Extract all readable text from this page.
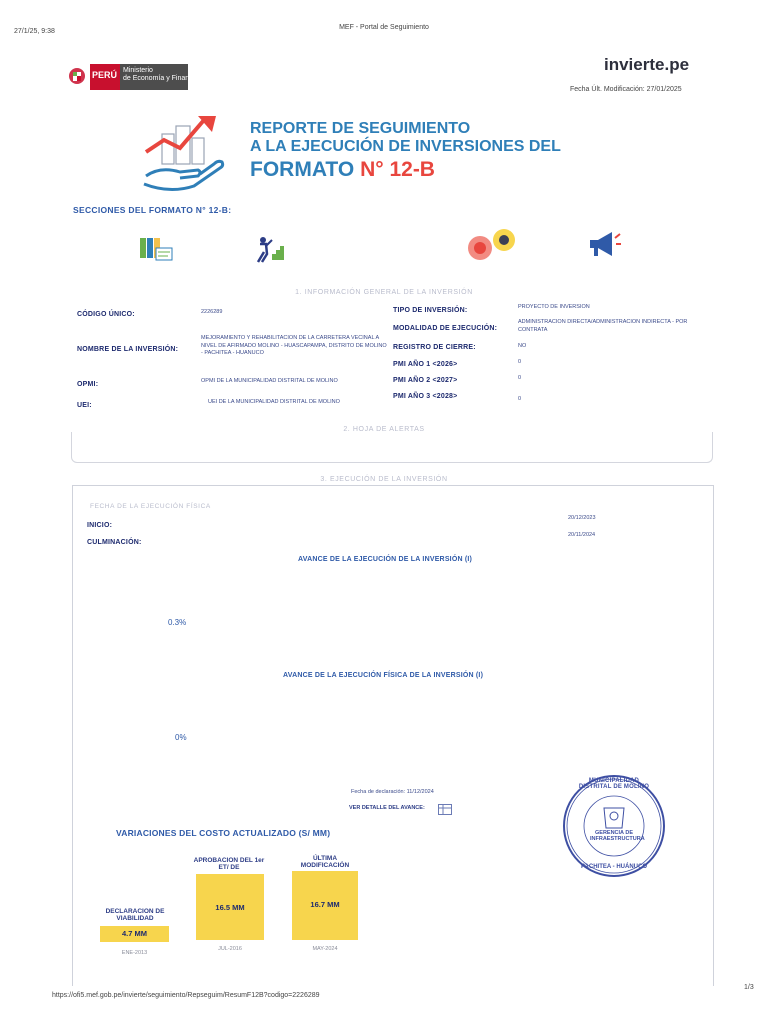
27/1/25, 9:38
MEF - Portal de Seguimiento
PERÚ Ministerio
de Economía y Finanzas
invierte.pe
Fecha Últ. Modificación: 27/01/2025
REPORTE DE SEGUIMIENTO
A LA EJECUCIÓN DE INVERSIONES DEL
FORMATO N° 12-B
SECCIONES DEL FORMATO N° 12-B:
1. INFORMACIÓN GENERAL DE LA INVERSIÓN
CÓDIGO ÚNICO:	2226289
NOMBRE DE LA INVERSIÓN:
MEJORAMIENTO Y REHABILITACION DE LA CARRETERA VECINAL A NIVEL DE AFIRMADO MOLINO - HUASCAPAMPA, DISTRITO DE MOLINO - PACHITEA - HUANUCO
OPMI:	OPMI DE LA MUNICIPALIDAD DISTRITAL DE MOLINO
UEI:	UEI DE LA MUNICIPALIDAD DISTRITAL DE MOLINO
TIPO DE INVERSIÓN:	PROYECTO DE INVERSION
MODALIDAD DE EJECUCIÓN:
ADMINISTRACION DIRECTA/ADMINISTRACION INDIRECTA - POR CONTRATA
REGISTRO DE CIERRE:	NO
PMI AÑO 1 <2026>	0
PMI AÑO 2 <2027>	0
PMI AÑO 3 <2028>	0
2. HOJA DE ALERTAS
3. EJECUCIÓN DE LA INVERSIÓN
FECHA DE LA EJECUCIÓN FÍSICA
INICIO:
20/12/2023
CULMINACIÓN:
20/11/2024
AVANCE DE LA EJECUCIÓN DE LA INVERSIÓN (I)
0.3%
AVANCE DE LA EJECUCIÓN FÍSICA DE LA INVERSIÓN (I)
0%
Fecha de declaración: 11/12/2024
VER DETALLE DEL AVANCE:
VARIACIONES DEL COSTO ACTUALIZADO (S/ MM)
DECLARACION DE VIABILIDAD
4.7 MM
ENE-2013
APROBACION DEL 1er ET/ DE
16.5 MM
JUL-2016
ÚLTIMA MODIFICACIÓN
16.7 MM
MAY-2024
MUNICIPALIDAD DISTRITAL DE MOLINO
GERENCIA DE
INFRAESTRUCTURA
PACHITEA - HUÁNUCO
https://ofi5.mef.gob.pe/invierte/seguimiento/Repseguim/ResumF12B?codigo=2226289
1/3
